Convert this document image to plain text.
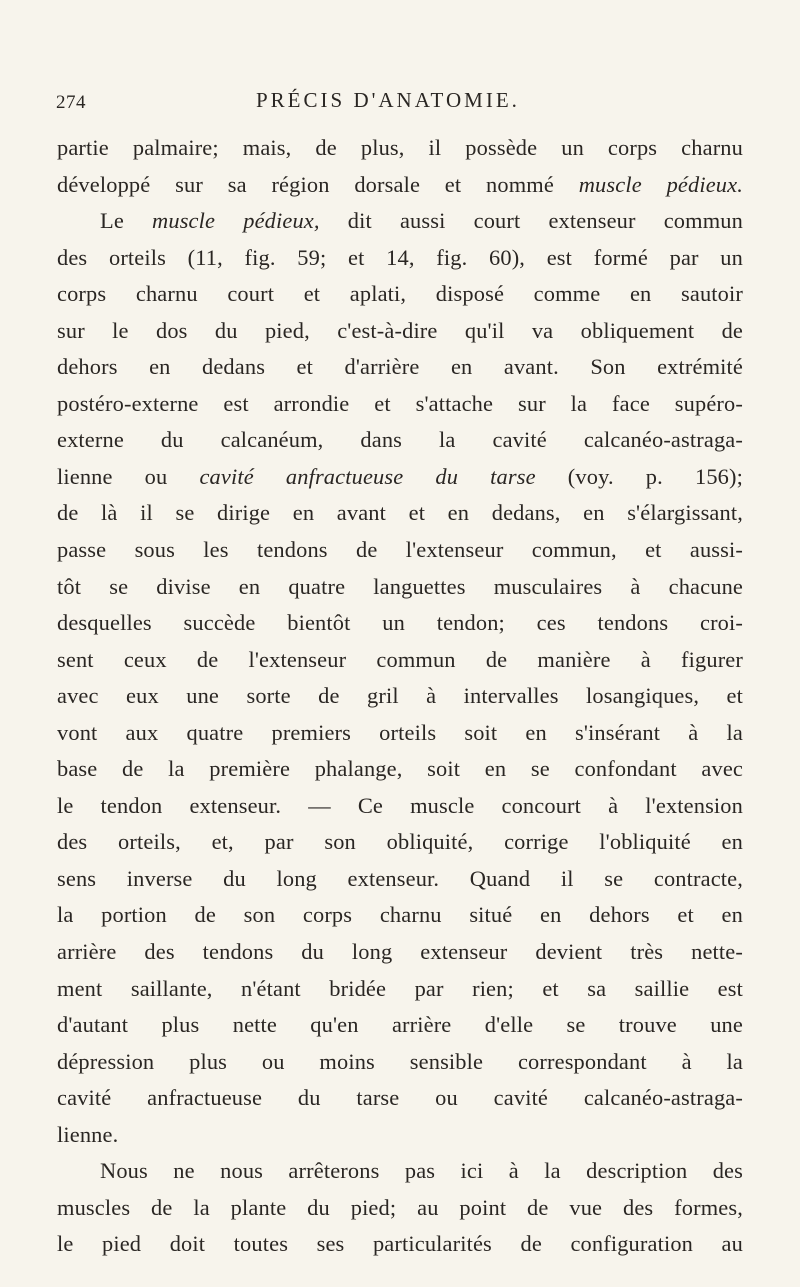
274	PRÉCIS D'ANATOMIE.
partie palmaire; mais, de plus, il possède un corps charnu
développé sur sa région dorsale et nommé muscle pédieux.
Le muscle pédieux, dit aussi court extenseur commun
des orteils (11, fig. 59; et 14, fig. 60), est formé par un
corps charnu court et aplati, disposé comme en sautoir
sur le dos du pied, c'est-à-dire qu'il va obliquement de
dehors en dedans et d'arrière en avant. Son extrémité
postéro-externe est arrondie et s'attache sur la face supéro-
externe du calcanéum, dans la cavité calcanéo-astraga-
lienne ou cavité anfractueuse du tarse (voy. p. 156);
de là il se dirige en avant et en dedans, en s'élargissant,
passe sous les tendons de l'extenseur commun, et aussi-
tôt se divise en quatre languettes musculaires à chacune
desquelles succède bientôt un tendon; ces tendons croi-
sent ceux de l'extenseur commun de manière à figurer
avec eux une sorte de gril à intervalles losangiques, et
vont aux quatre premiers orteils soit en s'insérant à la
base de la première phalange, soit en se confondant avec
le tendon extenseur. — Ce muscle concourt à l'extension
des orteils, et, par son obliquité, corrige l'obliquité en
sens inverse du long extenseur. Quand il se contracte,
la portion de son corps charnu situé en dehors et en
arrière des tendons du long extenseur devient très nette-
ment saillante, n'étant bridée par rien; et sa saillie est
d'autant plus nette qu'en arrière d'elle se trouve une
dépression plus ou moins sensible correspondant à la
cavité anfractueuse du tarse ou cavité calcanéo-astraga-
lienne.
Nous ne nous arrêterons pas ici à la description des
muscles de la plante du pied; au point de vue des formes,
le pied doit toutes ses particularités de configuration au
